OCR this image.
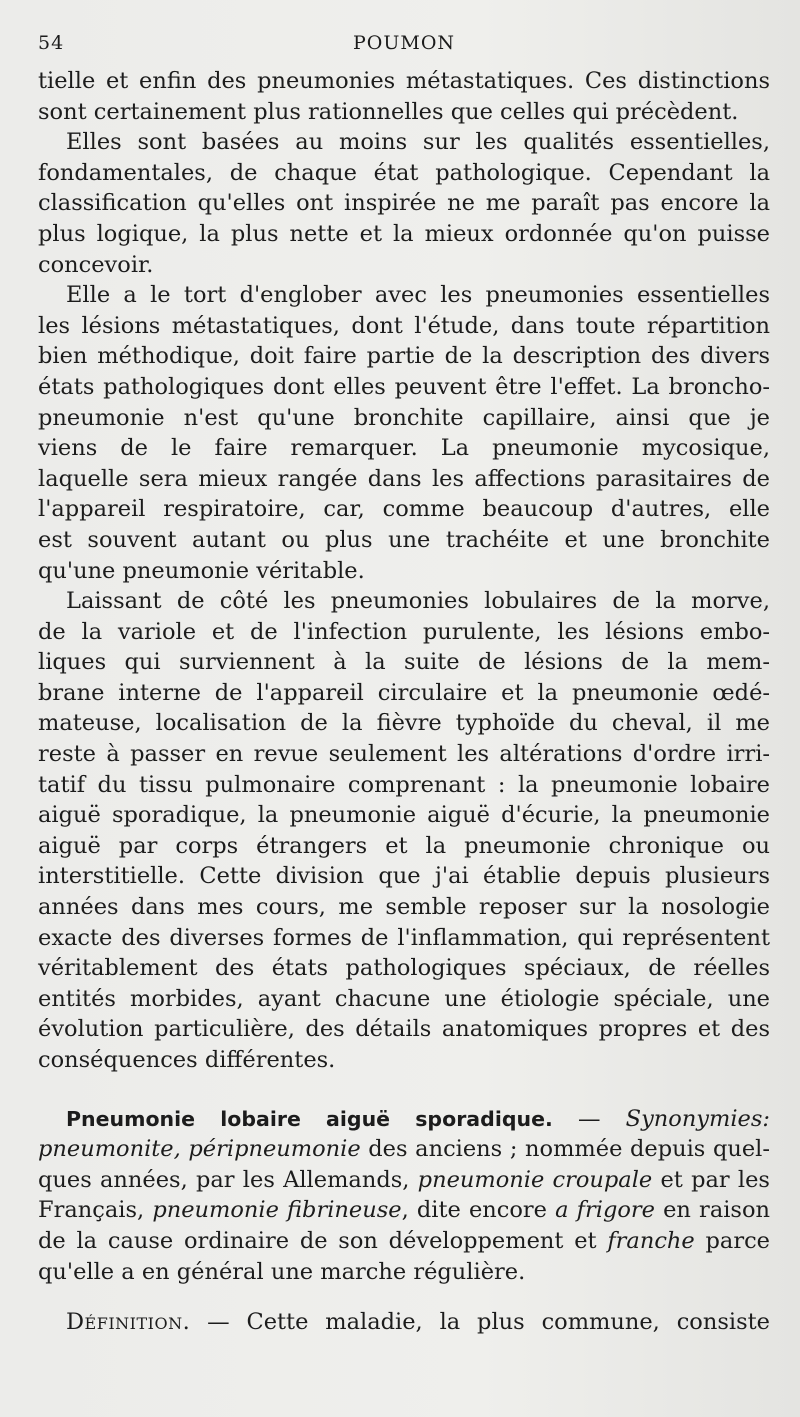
54	POUMON
tielle et enfin des pneumonies métastatiques. Ces distinctions
sont certainement plus rationnelles que celles qui précèdent.
Elles sont basées au moins sur les qualités essentielles,
fondamentales, de chaque état pathologique. Cependant la
classification qu'elles ont inspirée ne me paraît pas encore la
plus logique, la plus nette et la mieux ordonnée qu'on puisse
concevoir.
Elle a le tort d'englober avec les pneumonies essentielles
les lésions métastatiques, dont l'étude, dans toute répartition
bien méthodique, doit faire partie de la description des divers
états pathologiques dont elles peuvent être l'effet. La broncho-
pneumonie n'est qu'une bronchite capillaire, ainsi que je
viens de le faire remarquer. La pneumonie mycosique,
laquelle sera mieux rangée dans les affections parasitaires de
l'appareil respiratoire, car, comme beaucoup d'autres, elle
est souvent autant ou plus une trachéite et une bronchite
qu'une pneumonie véritable.
Laissant de côté les pneumonies lobulaires de la morve,
de la variole et de l'infection purulente, les lésions embo-
liques qui surviennent à la suite de lésions de la mem-
brane interne de l'appareil circulaire et la pneumonie œdé-
mateuse, localisation de la fièvre typhoïde du cheval, il me
reste à passer en revue seulement les altérations d'ordre irri-
tatif du tissu pulmonaire comprenant : la pneumonie lobaire
aiguë sporadique, la pneumonie aiguë d'écurie, la pneumonie
aiguë par corps étrangers et la pneumonie chronique ou
interstitielle. Cette division que j'ai établie depuis plusieurs
années dans mes cours, me semble reposer sur la nosologie
exacte des diverses formes de l'inflammation, qui représentent
véritablement des états pathologiques spéciaux, de réelles
entités morbides, ayant chacune une étiologie spéciale, une
évolution particulière, des détails anatomiques propres et des
conséquences différentes.
Pneumonie lobaire aiguë sporadique. — Synonymies:
pneumonite, péripneumonie des anciens ; nommée depuis quel-
ques années, par les Allemands, pneumonie croupale et par les
Français, pneumonie fibrineuse, dite encore a frigore en raison
de la cause ordinaire de son développement et franche parce
qu'elle a en général une marche régulière.
Définition. — Cette maladie, la plus commune, consiste
